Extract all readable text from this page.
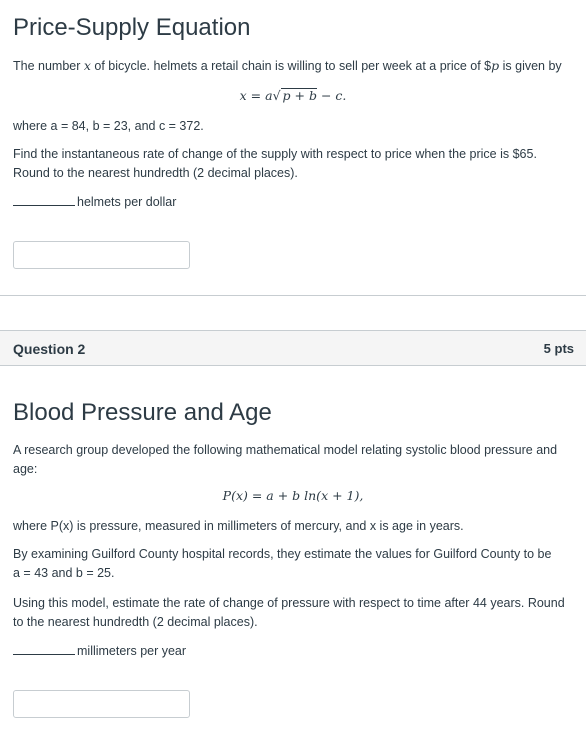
Price-Supply Equation

The number x of bicycle. helmets a retail chain is willing to sell per week at a price of $p is given by

x = a√ p + b − c.

where a = 84, b = 23, and c = 372.

Find the instantaneous rate of change of the supply with respect to price when the price is $65.
Round to the nearest hundredth (2 decimal places).

helmets per dollar
Question 2	5 pts
Blood Pressure and Age

A research group developed the following mathematical model relating systolic blood pressure and
age:

P(x) = a + b ln(x + 1),

where P(x) is pressure, measured in millimeters of mercury, and x is age in years.

By examining Guilford County hospital records, they estimate the values for Guilford County to be
a = 43 and b = 25.

Using this model, estimate the rate of change of pressure with respect to time after 44 years. Round
to the nearest hundredth (2 decimal places).

millimeters per year
